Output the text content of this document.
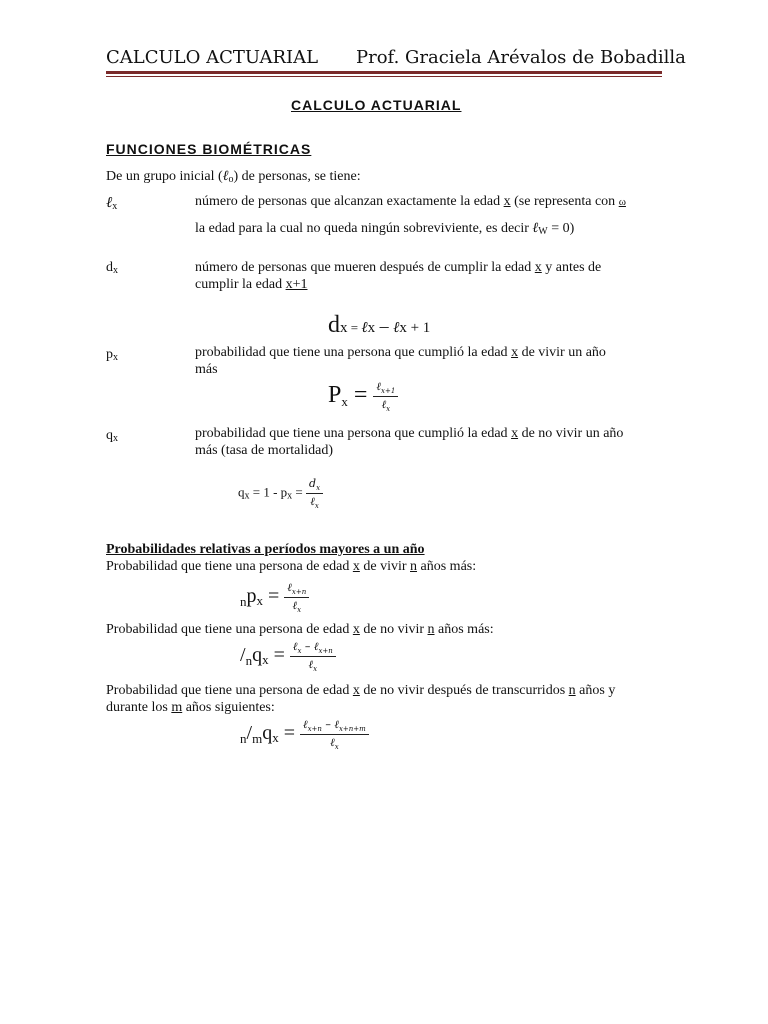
CALCULO ACTUARIAL Prof. Graciela Arévalos de Bobadilla
CALCULO ACTUARIAL
FUNCIONES BIOMÉTRICAS
De un grupo inicial (ℓ$_o$) de personas, se tiene:
ℓ$_x$	número de personas que alcanzan exactamente la edad x (se representa con ω
la edad para la cual no queda ningún sobreviviente, es decir ℓ$_W$ = 0)
$d_x$	número de personas que mueren después de cumplir la edad x y antes de
cumplir la edad x+1
dx = ℓx – ℓx + 1
$p_x$	probabilidad que tiene una persona que cumplió la edad x de vivir un año
más
$Px = \frac{\ell_{x+1}}{\ell_x}$
$q_x$	probabilidad que tiene una persona que cumplió la edad x de no vivir un año
más (tasa de mortalidad)
$q_x = 1 - p_x = \frac{d_x}{\ell_x}$
Probabilidades relativas a períodos mayores a un año
Probabilidad que tiene una persona de edad x de vivir n años más:
$_npx = \frac{\ell_{x+n}}{\ell_x}$
Probabilidad que tiene una persona de edad x de no vivir n años más:
$/_nqx = \frac{\ell_x - \ell_{x+n}}{\ell_x}$
Probabilidad que tiene una persona de edad x de no vivir después de transcurridos n años y
durante los m años siguientes:
$_n/_mqx = \frac{\ell_{x+n} - \ell_{x+n+m}}{\ell_x}$
